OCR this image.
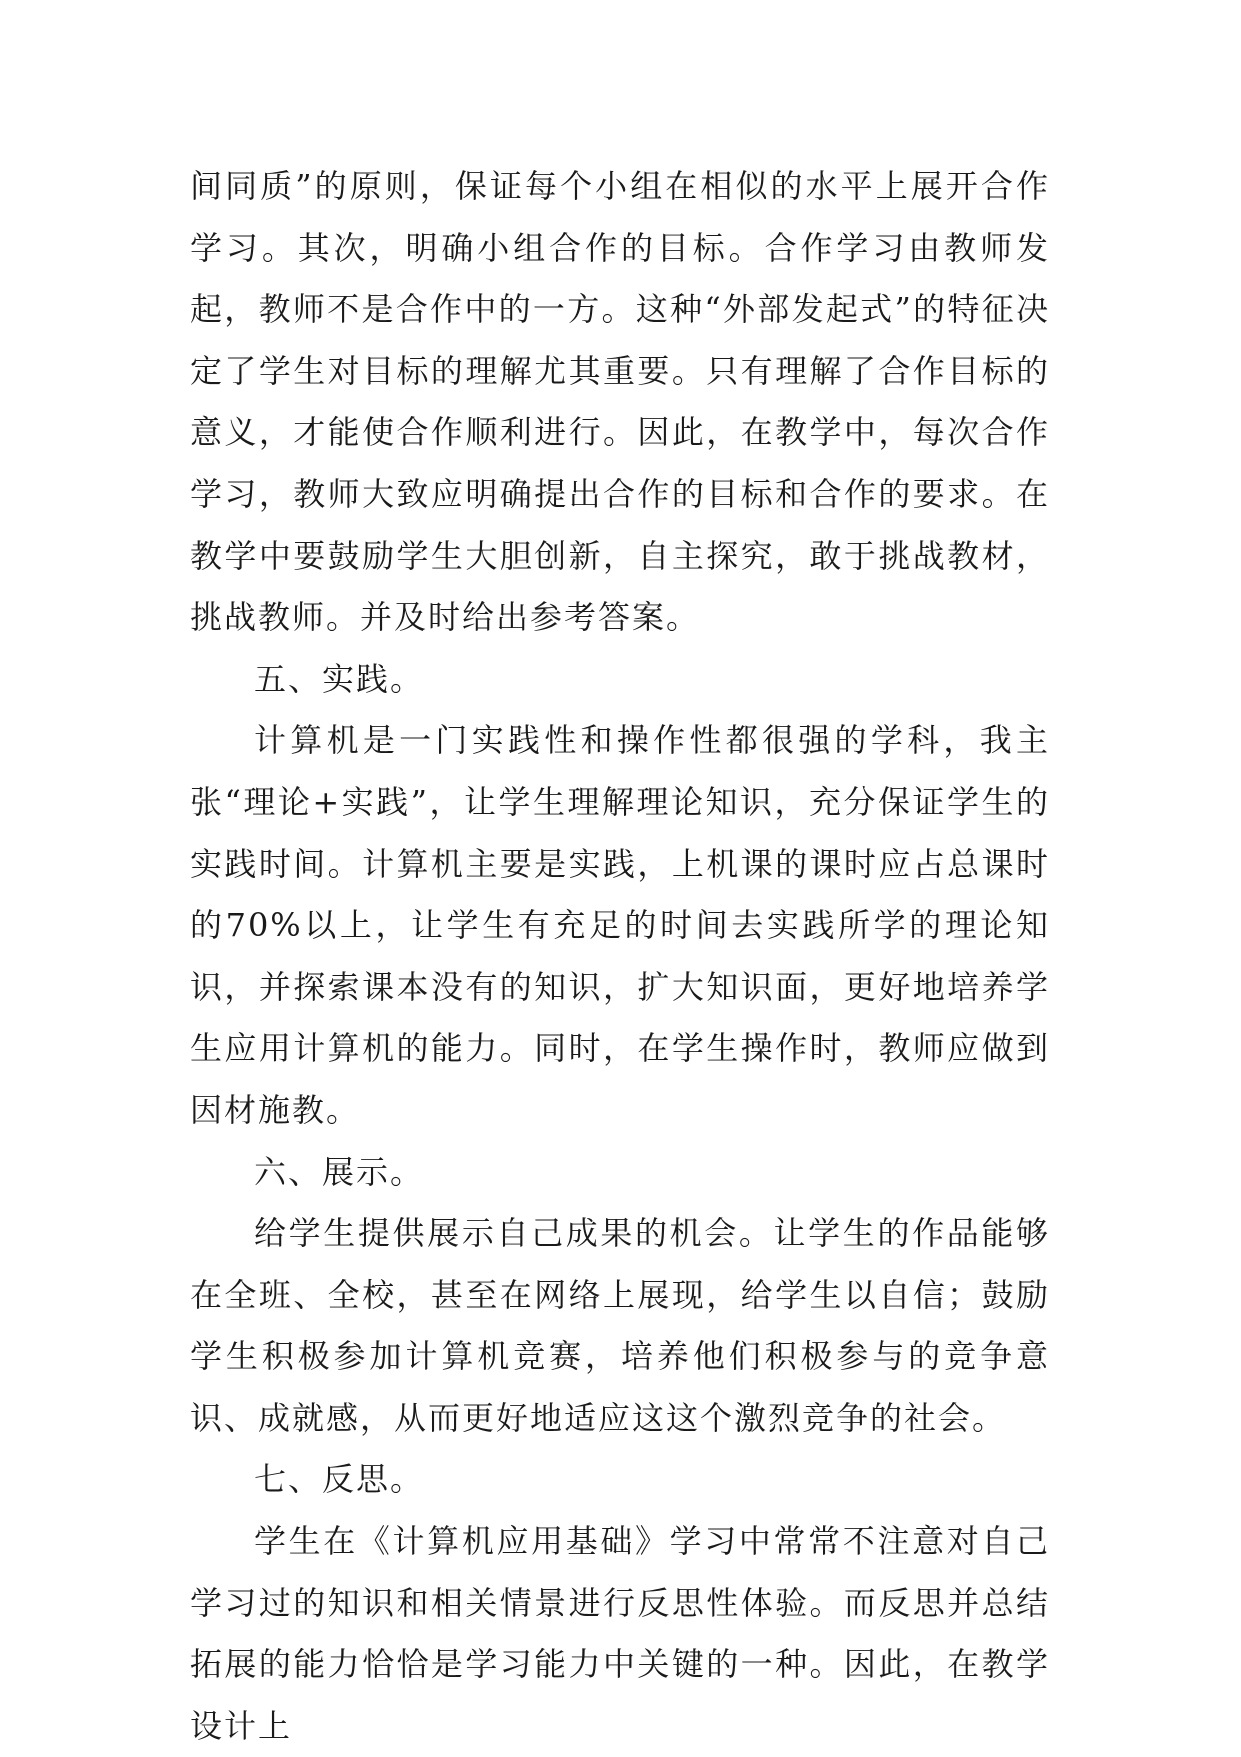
间同质”的原则，保证每个小组在相似的水平上展开合作学习。其次，明确小组合作的目标。合作学习由教师发起，教师不是合作中的一方。这种“外部发起式”的特征决定了学生对目标的理解尤其重要。只有理解了合作目标的意义，才能使合作顺利进行。因此，在教学中，每次合作学习，教师大致应明确提出合作的目标和合作的要求。在教学中要鼓励学生大胆创新，自主探究，敢于挑战教材，挑战教师。并及时给出参考答案。

五、实践。

计算机是一门实践性和操作性都很强的学科，我主张“理论+实践”，让学生理解理论知识，充分保证学生的实践时间。计算机主要是实践，上机课的课时应占总课时的70%以上，让学生有充足的时间去实践所学的理论知识，并探索课本没有的知识，扩大知识面，更好地培养学生应用计算机的能力。同时，在学生操作时，教师应做到因材施教。

六、展示。

给学生提供展示自己成果的机会。让学生的作品能够在全班、全校，甚至在网络上展现，给学生以自信；鼓励学生积极参加计算机竞赛，培养他们积极参与的竞争意识、成就感，从而更好地适应这这个激烈竞争的社会。

七、反思。

学生在《计算机应用基础》学习中常常不注意对自己学习过的知识和相关情景进行反思性体验。而反思并总结拓展的能力恰恰是学习能力中关键的一种。因此，在教学设计上
